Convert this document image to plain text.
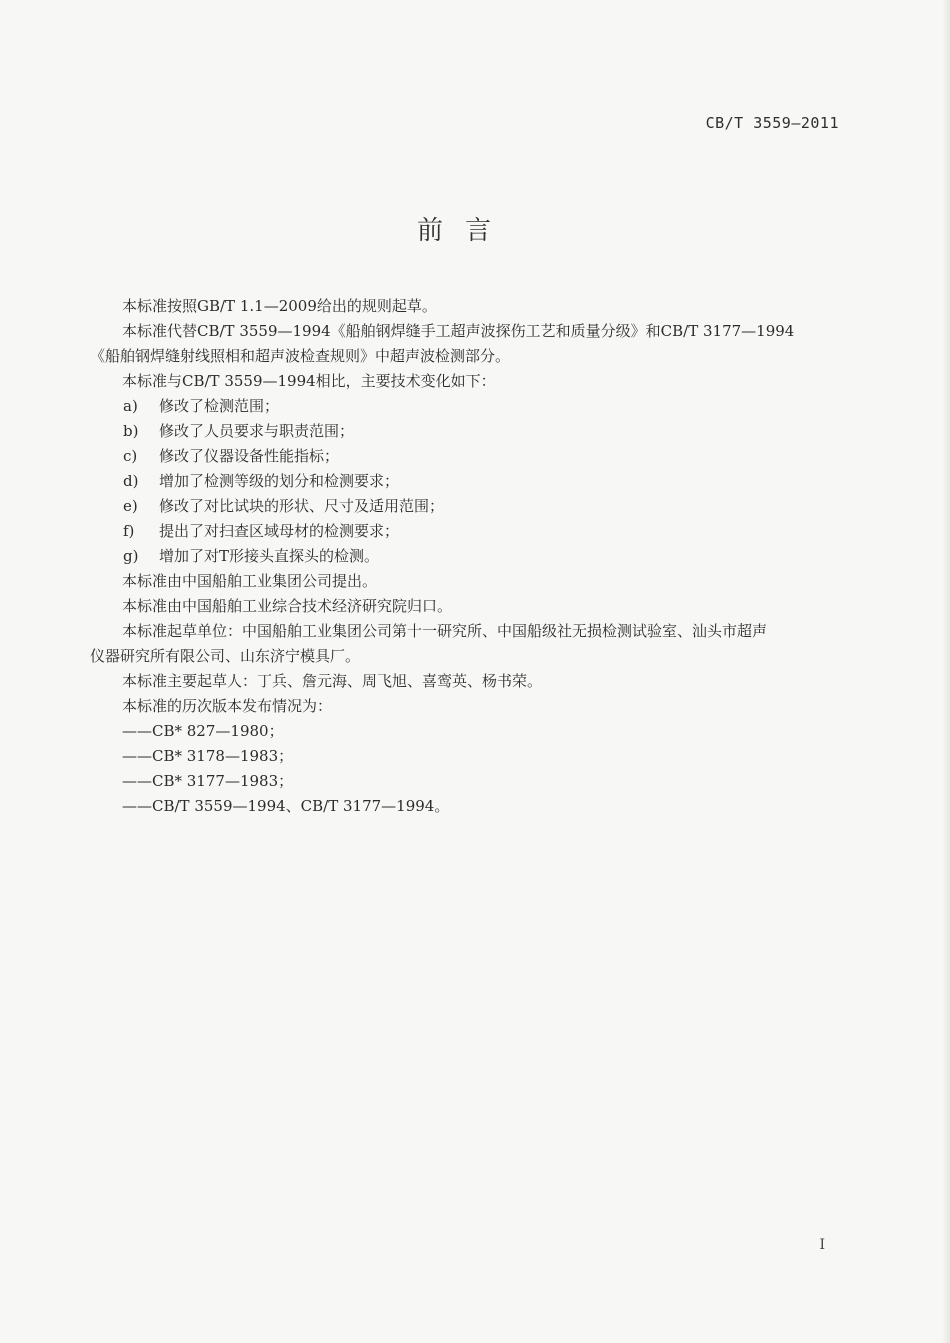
CB/T 3559—2011
前言
本标准按照GB/T 1.1—2009给出的规则起草。
本标准代替CB/T 3559—1994《船舶钢焊缝手工超声波探伤工艺和质量分级》和CB/T 3177—1994
《船舶钢焊缝射线照相和超声波检查规则》中超声波检测部分。
本标准与CB/T 3559—1994相比，主要技术变化如下：
a) 修改了检测范围；
b) 修改了人员要求与职责范围；
c) 修改了仪器设备性能指标；
d) 增加了检测等级的划分和检测要求；
e) 修改了对比试块的形状、尺寸及适用范围；
f) 提出了对扫查区域母材的检测要求；
g) 增加了对T形接头直探头的检测。
本标准由中国船舶工业集团公司提出。
本标准由中国船舶工业综合技术经济研究院归口。
本标准起草单位：中国船舶工业集团公司第十一研究所、中国船级社无损检测试验室、汕头市超声
仪器研究所有限公司、山东济宁模具厂。
本标准主要起草人：丁兵、詹元海、周飞旭、喜鸾英、杨书荣。
本标准的历次版本发布情况为：
——CB* 827—1980；
——CB* 3178—1983；
——CB* 3177—1983；
——CB/T 3559—1994、CB/T 3177—1994。
I
